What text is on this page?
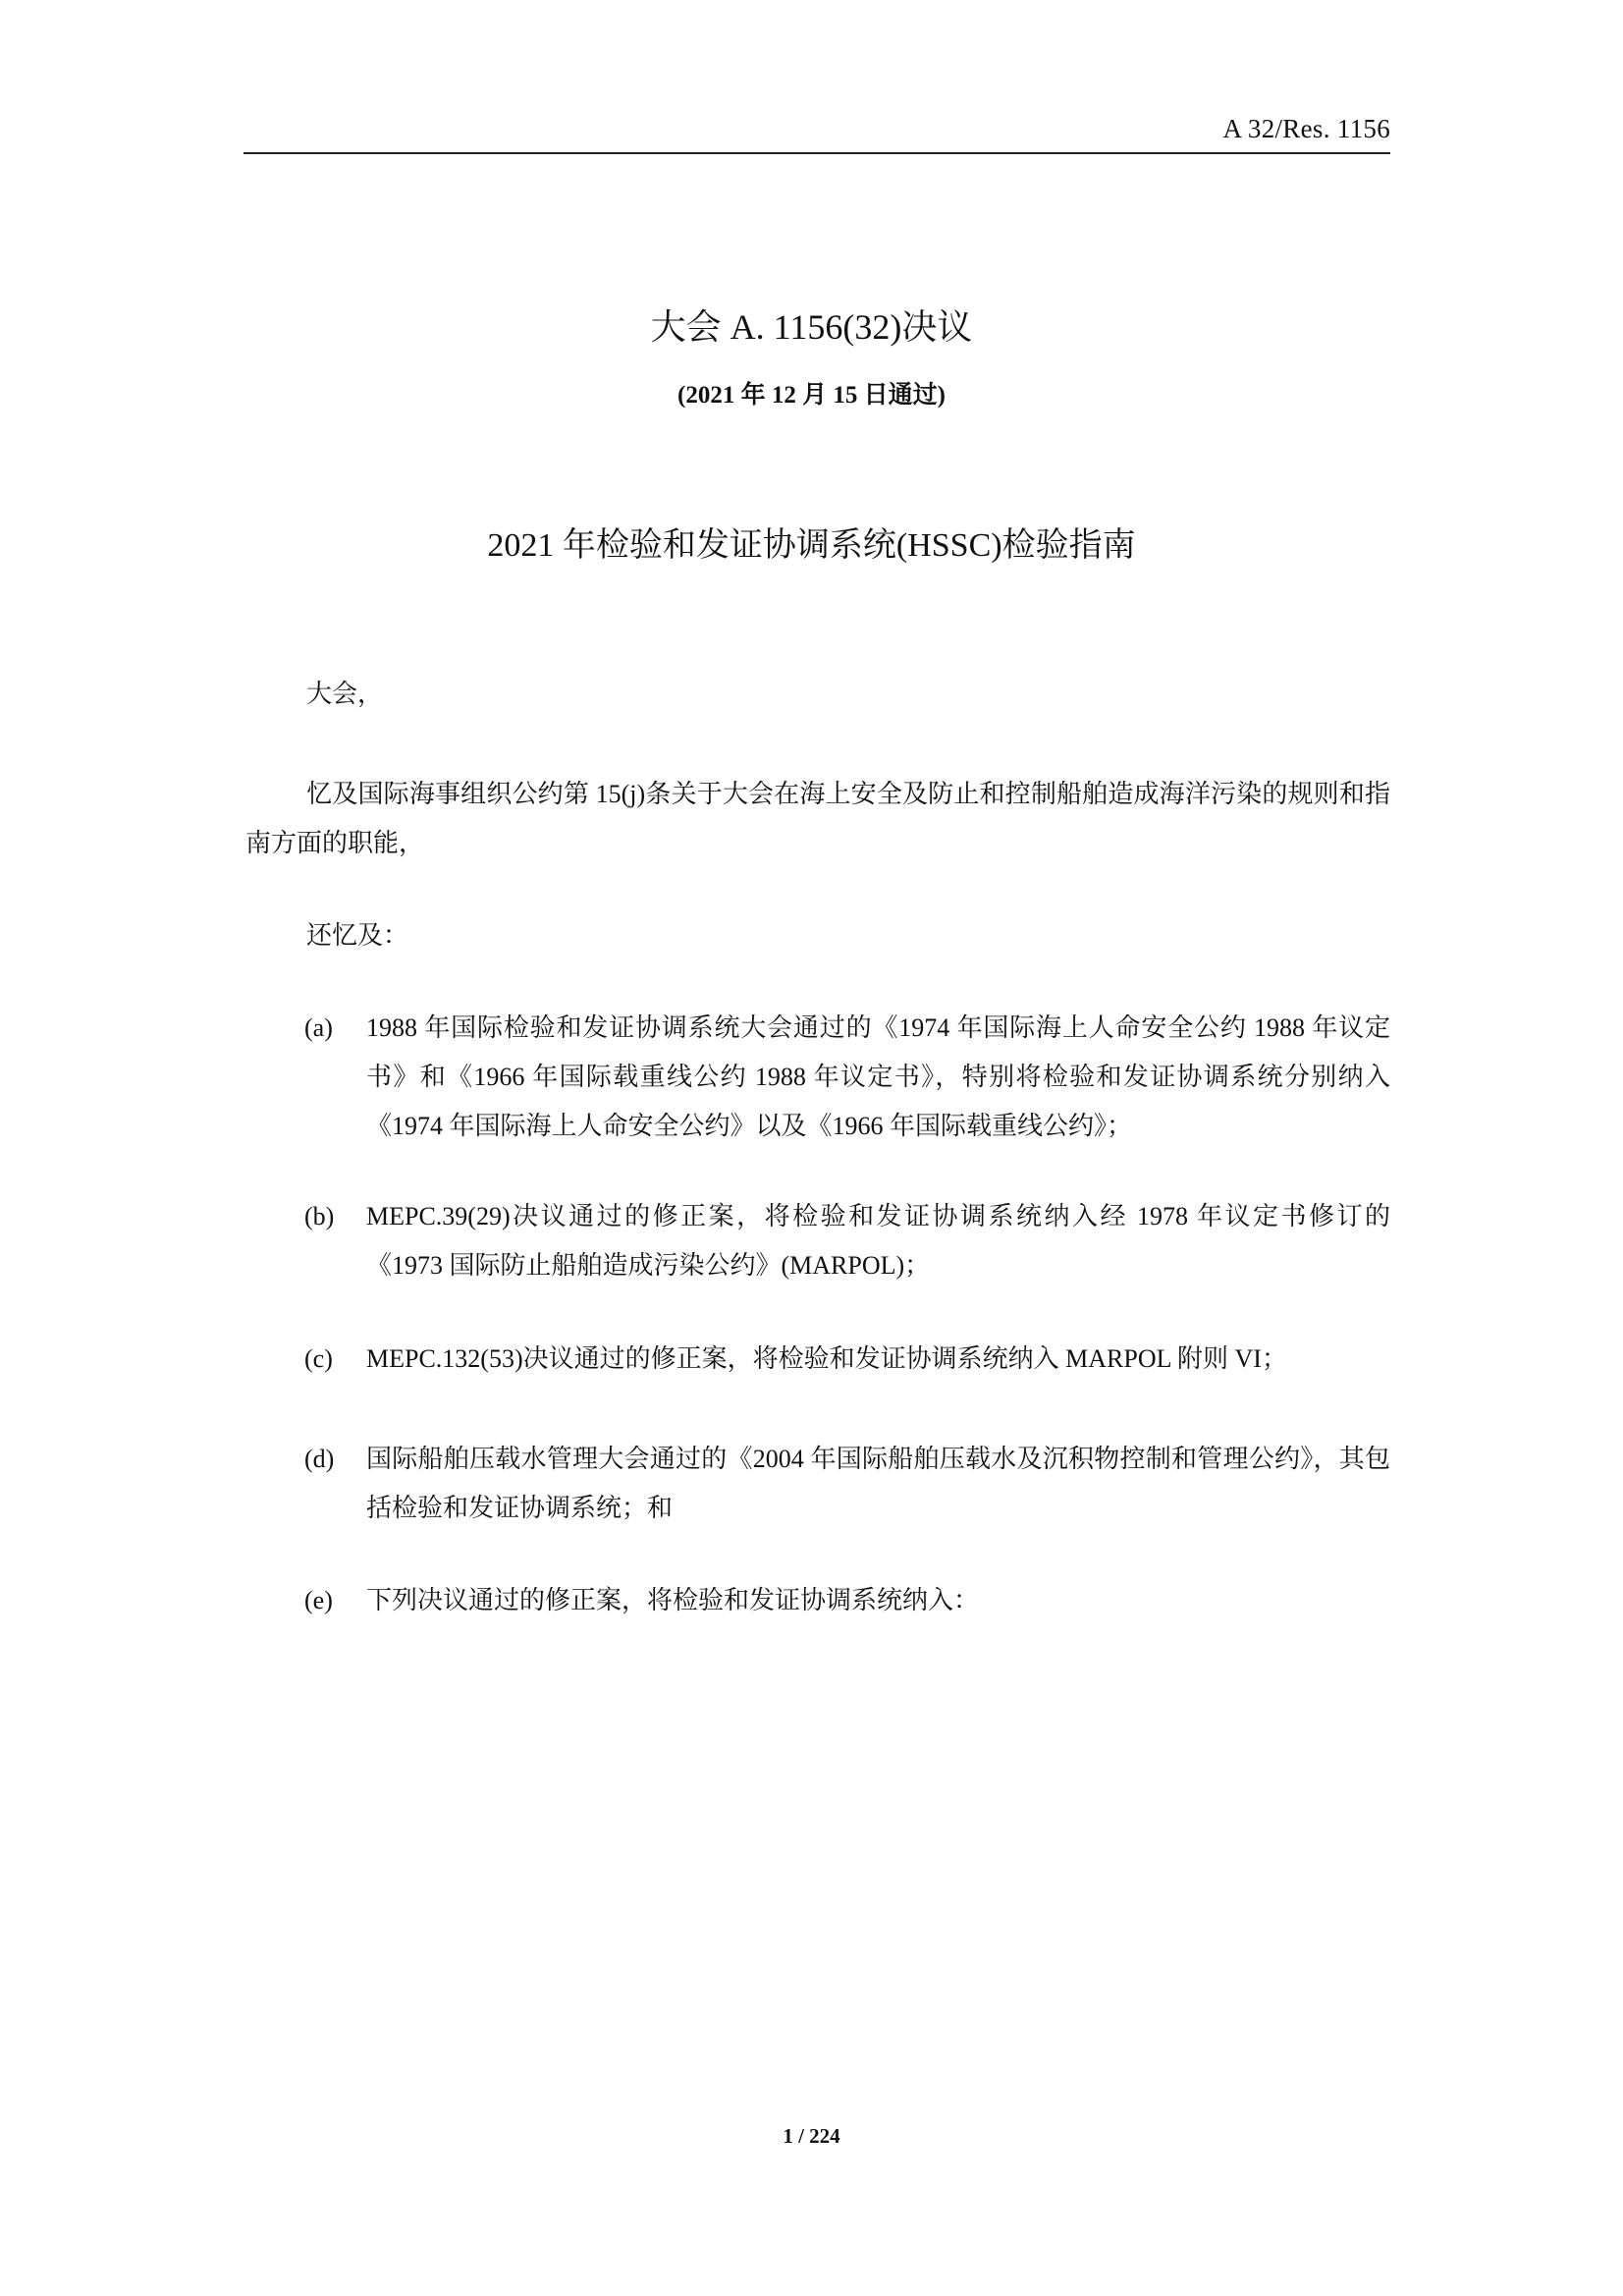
A 32/Res. 1156
大会 A. 1156(32)决议
(2021 年 12 月 15 日通过)
2021 年检验和发证协调系统(HSSC)检验指南
大会，
忆及国际海事组织公约第 15(j)条关于大会在海上安全及防止和控制船舶造成海洋污染的规则和指南方面的职能，
还忆及：
(a) 1988 年国际检验和发证协调系统大会通过的《1974 年国际海上人命安全公约 1988 年议定书》和《1966 年国际载重线公约 1988 年议定书》，特别将检验和发证协调系统分别纳入《1974 年国际海上人命安全公约》以及《1966 年国际载重线公约》；
(b) MEPC.39(29)决议通过的修正案，将检验和发证协调系统纳入经 1978 年议定书修订的《1973 国际防止船舶造成污染公约》(MARPOL)；
(c) MEPC.132(53)决议通过的修正案，将检验和发证协调系统纳入 MARPOL 附则 VI；
(d) 国际船舶压载水管理大会通过的《2004 年国际船舶压载水及沉积物控制和管理公约》，其包括检验和发证协调系统；和
(e) 下列决议通过的修正案，将检验和发证协调系统纳入：
1 / 224
